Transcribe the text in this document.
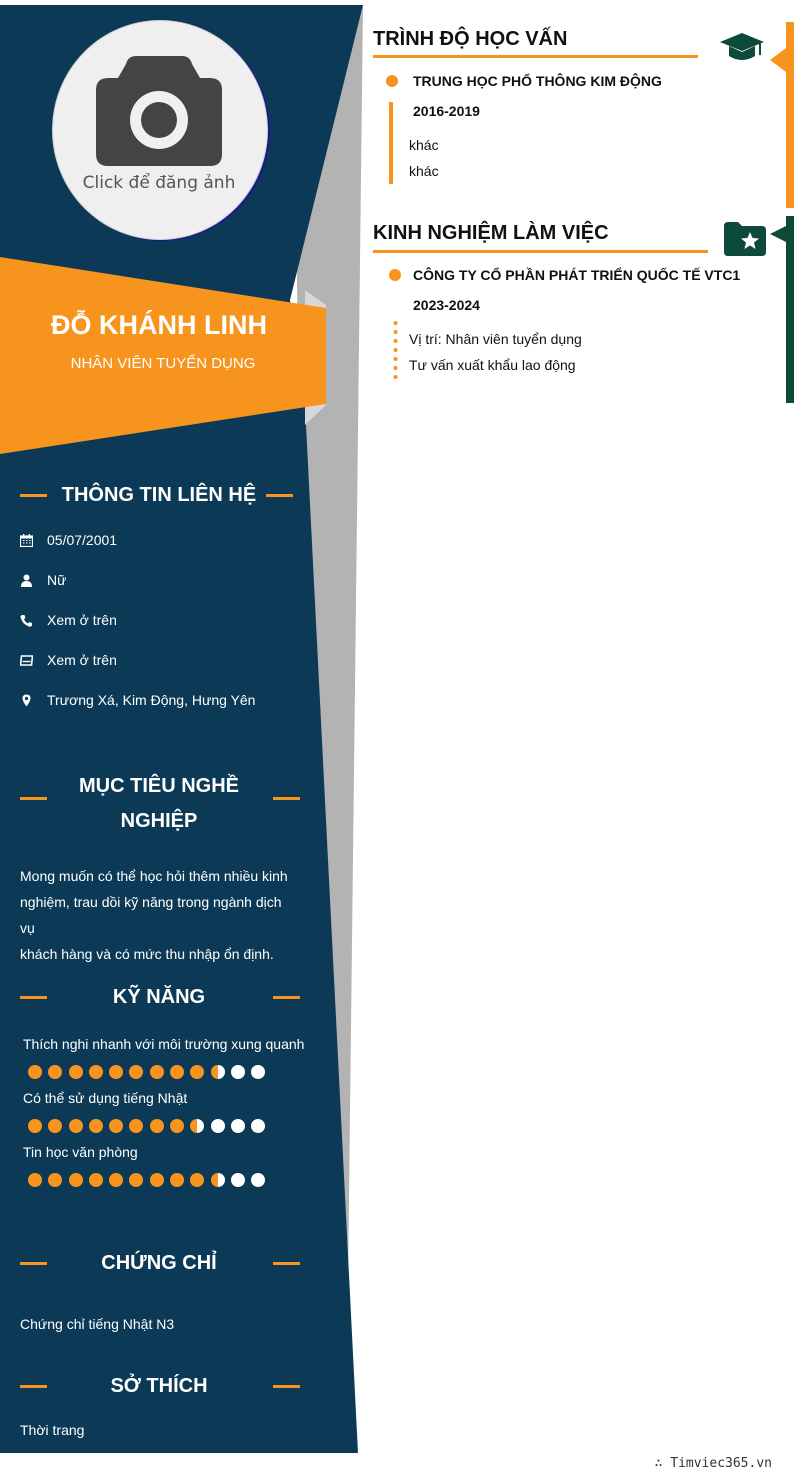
Click để đăng ảnh
ĐỖ KHÁNH LINH
NHÂN VIÊN TUYỂN DỤNG
THÔNG TIN LIÊN HỆ
05/07/2001
Nữ
Xem ở trên
Xem ở trên
Trương Xá, Kim Động, Hưng Yên
MỤC TIÊU NGHỀ
NGHIỆP
Mong muốn có thể học hỏi thêm nhiều kinh
nghiệm, trau dồi kỹ năng trong ngành dịch vụ
khách hàng và có mức thu nhập ổn định.
KỸ NĂNG
Thích nghi nhanh với môi trường xung quanh
Có thể sử dụng tiếng Nhật
Tin học văn phòng
CHỨNG CHỈ
Chứng chỉ tiếng Nhật N3
SỞ THÍCH
Thời trang
TRÌNH ĐỘ HỌC VẤN
TRUNG HỌC PHỔ THÔNG KIM ĐỘNG
2016-2019
khác
khác
KINH NGHIỆM LÀM VIỆC
CÔNG TY CỔ PHẦN PHÁT TRIỂN QUỐC TẾ VTC1
2023-2024
Vị trí: Nhân viên tuyển dụng
Tư vấn xuất khẩu lao động
∴ Timviec365.vn
